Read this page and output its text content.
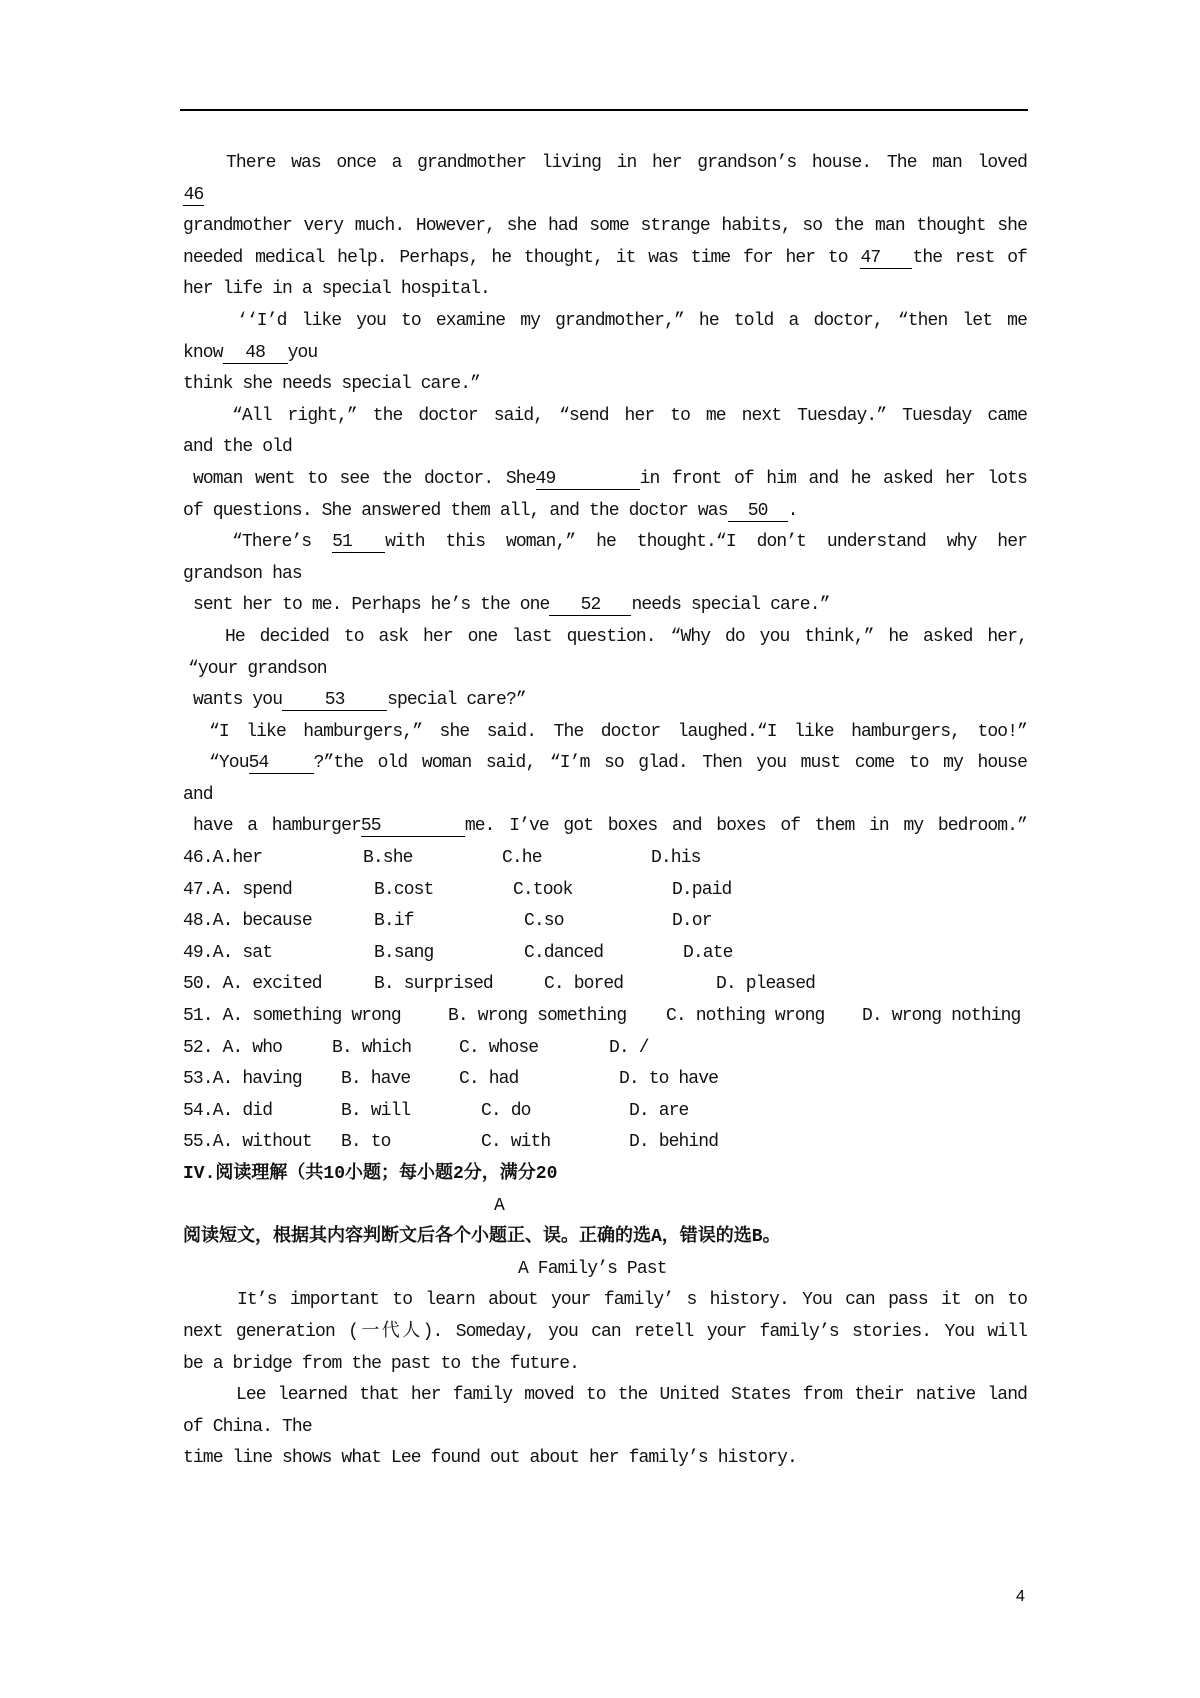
There was once a grandmother living in her grandson’s house. The man loved
46
grandmother very much. However, she had some strange habits, so the man thought she
needed medical help. Perhaps, he thought, it was time for her to 47 the rest of
her life in a special hospital.
‘‘I’d like you to examine my grandmother,” he told a doctor, “then let me
know 48 you
think she needs special care.”
“All right,” the doctor said, “send her to me next Tuesday.” Tuesday came
and the old
woman went to see the doctor. She49	in front of him and he asked her lots
of questions. She answered them all, and the doctor was 50 .
“There’s 51 with this woman,” he thought.“I don’t understand why her
grandson has
sent her to me. Perhaps he’s the one 52 needs special care.”
He decided to ask her one last question. “Why do you think,” he asked her,
“your grandson
wants you 53 special care?”
“I like hamburgers,” she said. The doctor laughed.“I like hamburgers, too!”
“You54	?”the old woman said, “I’m so glad. Then you must come to my house
and
have a hamburger55	me. I’ve got boxes and boxes of them in my bedroom.”
46.A.her	B.she	C.he	D.his
47.A. spend	B.cost	C.took	D.paid
48.A. because	B.if	C.so	D.or
49.A. sat	B.sang	C.danced	D.ate
50. A. excited	B. surprised	C. bored	D. pleased
51. A. something wrong	B. wrong something C. nothing wrong D. wrong nothing
52. A. who	B. which	C. whose	D. /
53.A. having B. have	C. had	D. to have
54.A. did	B. will	C. do	D. are
55.A. without B. to	C. with	D. behind
IV.阅读理解（共10小题；每小题2分，满分20
A
阅读短文，根据其内容判断文后各个小题正、误。正确的选A，错误的选B。
A Family’s Past
It’s important to learn about your family’ s history. You can pass it on to
next generation (一代人). Someday, you can retell your family’s stories. You will
be a bridge from the past to the future.
Lee learned that her family moved to the United States from their native land
of China. The
time line shows what Lee found out about her family’s history.
4
